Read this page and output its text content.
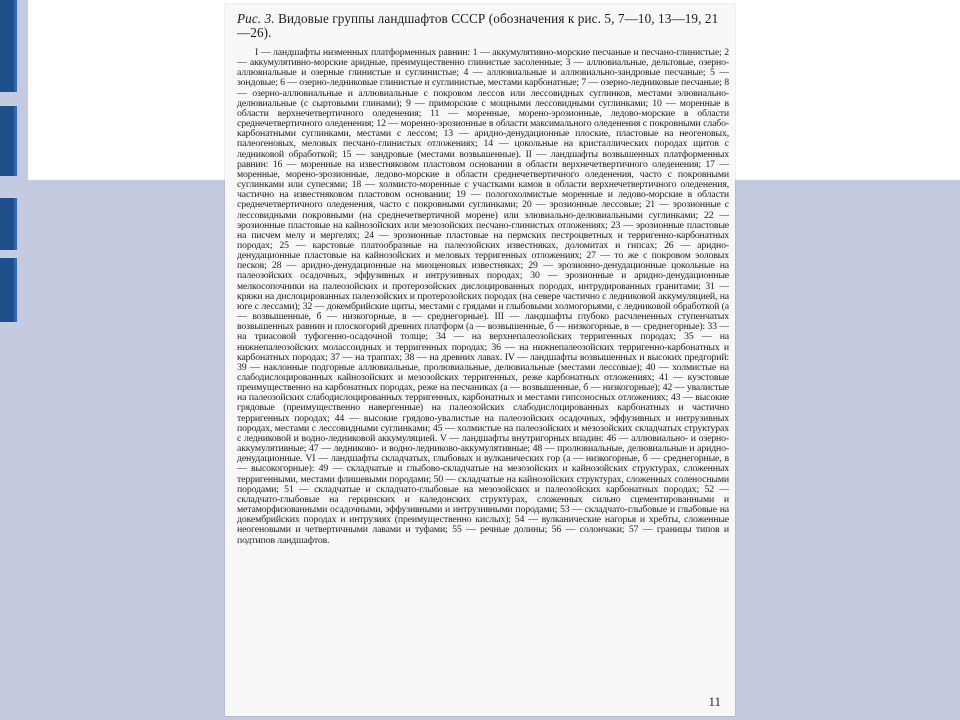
Рис. 3. Видовые группы ландшафтов СССР (обозначения к рис. 5, 7—10, 13—19, 21—26).

I — ландшафты низменных платформенных равнин: 1 — аккумулятивно-морские песчаные и песчано-глинистые; 2 — аккумулятивно-морские аридные, преимущественно глинистые засоленные; 3 — аллювиальные, дельтовые, озерно-аллювиальные и озерные глинистые и суглинистые; 4 — аллювиальные и аллювиально-зандровые песчаные; 5 — зондовые; 6 — озерно-ледниковые глинистые и суглинистые, местами карбонатные; 7 — озерно-ледниковые песчаные; 8 — озерно-аллювиальные и аллювиальные с покровом лессов или лессовидных суглинков, местами элювиально-делювиальные (с сыртовыми глинами); 9 — приморские с мощными лессовидными суглинками; 10 — моренные в области верхнечетвертичного оледенения; 11 — моренные, морено-эрозионные, ледово-морские в области среднечетвертичного оледенения; 12 — моренно-эрозионные в области максимального оледенения с покровными слабо-карбонатными суглинками, местами с лессом; 13 — аридно-денудационные плоские, пластовые на неогеновых, палеогеновых, меловых песчано-глинистых отложениях; 14 — цокольные на кристаллических породах щитов с ледниковой обработкой; 15 — зандровые (местами возвышенные). II — ландшафты возвышенных платформенных равнин: 16 — моренные на известняковом пластовом основании в области верхнечетвертичного оледенения; 17 — моренные, морено-эрозионные, ледово-морские в области среднечетвертичного оледенения, часто с покровными суглинками или супесями; 18 — холмисто-моренные с участками камов в области верхнечетвертичного оледенения, частично на известняковом пластовом основании; 19 — пологохолмистые моренные и ледово-морские в области среднечетвертичного оледенения, часто с покровными суглинками; 20 — эрозионные лессовые; 21 — эрозионные с лессовидными покровными (на среднечетвертичной морене) или элювиально-делювиальными суглинками; 22 — эрозионные пластовые на кайнозойских или мезозойских песчано-глинистых отложениях; 23 — эрозионные пластовые на писчем мелу и мергелях; 24 — эрозионные пластовые на пермских пестроцветных и терригенно-карбонатных породах; 25 — карстовые платообразные на палеозойских известняках, доломитах и гипсах; 26 — аридно-денудационные пластовые на кайнозойских и меловых терригенных отложениях; 27 — то же с покровом эоловых песков; 28 — аридно-денудационные на миоценовых известняках; 29 — эрозионно-денудационные цокольные на палеозойских осадочных, эффузивных и интрузивных породах; 30 — эрозионные и аридно-денудационные мелкосопочники на палеозойских и протерозойских дислоцированных породах, интрудированных гранитами; 31 — кряжи на дислоцированных палеозойских и протерозойских породах (на севере частично с ледниковой аккумуляцией, на юге с лессами); 32 — докембрийские щиты, местами с грядами и глыбовыми холмогорьями, с ледниковой обработкой (а — возвышенные, б — низкогорные, в — среднегорные). III — ландшафты глубоко расчлененных ступенчатых возвышенных равнин и плоскогорий древних платформ (а — возвышенные, б — низкогорные, в — среднегорные): 33 — на триасовой туфогенно-осадочной толще; 34 — на верхнепалеозойских терригенных породах; 35 — на нижнепалеозойских молассоидных и терригенных породах; 36 — на нижнепалеозойских терригенно-карбонатных и карбонатных породах; 37 — на траппах; 38 — на древних лавах. IV — ландшафты возвышенных и высоких предгорий: 39 — наклонные подгорные аллювиальные, пролювиальные, делювиальные (местами лессовые); 40 — холмистые на слабодислоцированных кайнозойских и мезозойских терригенных, реже карбонатных отложениях; 41 — куэстовые преимущественно на карбонатных породах, реже на песчаниках (а — возвышенные, б — низкогорные); 42 — увалистые на палеозойских слабодислоцированных терригенных, карбонатных и местами гипсоносных отложениях; 43 — высокие грядовые (преимущественно навергенные) на палеозойских слабодислоцированных карбонатных и частично терригенных породах; 44 — высокие грядово-увалистые на палеозойских осадочных, эффузивных и интрузивных породах, местами с лессовидными суглинками; 45 — холмистые на палеозойских и мезозойских складчатых структурах с ледниковой и водно-ледниковой аккумуляцией. V — ландшафты внутригорных впадин: 46 — аллювиально- и озерно-аккумулятивные; 47 — ледниково- и водно-ледниково-аккумулятивные; 48 — пролювиальные, делювиальные и аридно-денудационные. VI — ландшафты складчатых, глыбовых и вулканических гор (а — низкогорные, б — среднегорные, в — высокогорные): 49 — складчатые и глыбово-складчатые на мезозойских и кайнозойских структурах, сложенных терригенными, местами флишевыми породами; 50 — складчатые на кайнозойских структурах, сложенных соленосными породами; 51 — складчатые и складчато-глыбовые на мезозойских и палеозойских карбонатных породах; 52 — складчато-глыбовые на герцинских и каледонских структурах, сложенных сильно сцементированными и метаморфизованными осадочными, эффузивными и интрузивными породами; 53 — складчато-глыбовые и глыбовые на докембрийских породах и интрузиях (преимущественно кислых); 54 — вулканические нагорья и хребты, сложенные неогеновыми и четвертичными лавами и туфами; 55 — речные долины; 56 — солончаки; 57 — границы типов и подтипов ландшафтов.

11
